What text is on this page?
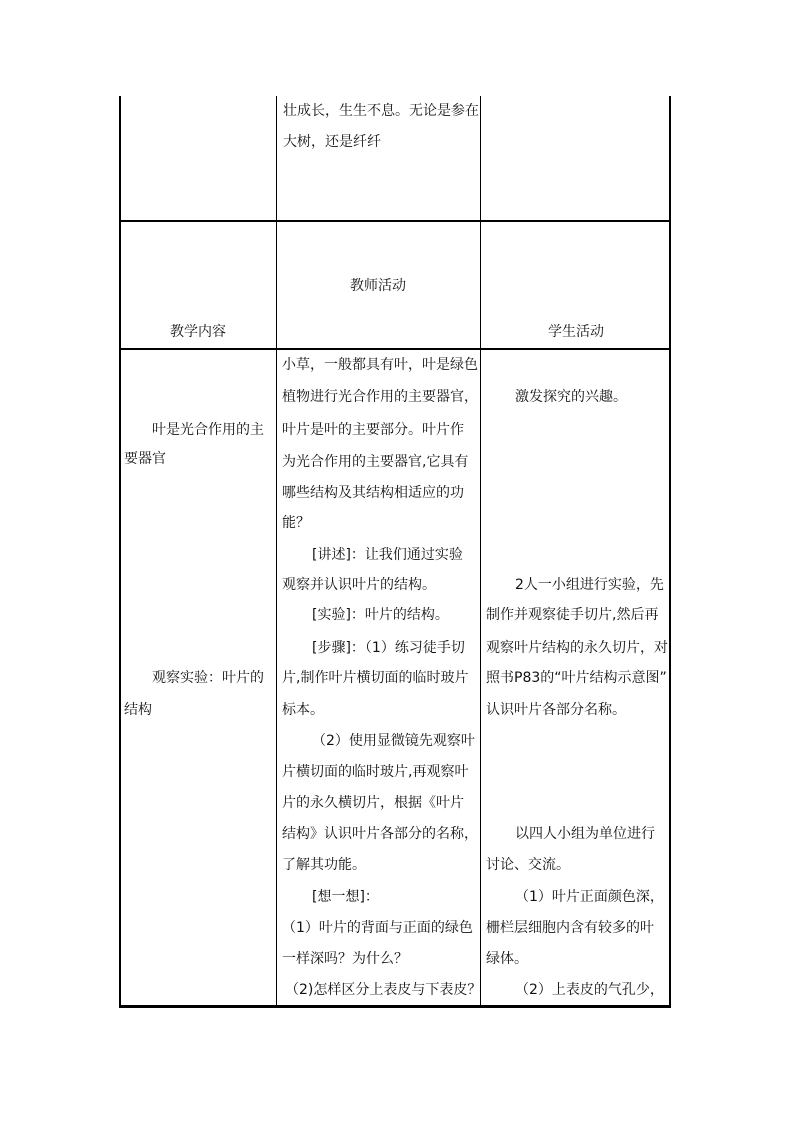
壮成长，生生不息。无论是参在
大树，还是纤纤
教学内容
教师活动
学生活动
叶是光合作用的主
要器官
观察实验：叶片的
结构
小草，一般都具有叶，叶是绿色
植物进行光合作用的主要器官，
叶片是叶的主要部分。叶片作
为光合作用的主要器官,它具有
哪些结构及其结构相适应的功
能？
[讲述]：让我们通过实验
观察并认识叶片的结构。
[实验]：叶片的结构。
[步骤]：（1）练习徒手切
片,制作叶片横切面的临时玻片
标本。
（2）使用显微镜先观察叶
片横切面的临时玻片,再观察叶
片的永久横切片，根据《叶片
结构》认识叶片各部分的名称，
了解其功能。
[想一想]：
（1）叶片的背面与正面的绿色
一样深吗？为什么？
（2)怎样区分上表皮与下表皮？
激发探究的兴趣。
2人一小组进行实验，先
制作并观察徒手切片,然后再
观察叶片结构的永久切片，对
照书P83的“叶片结构示意图”
认识叶片各部分名称。
以四人小组为单位进行
讨论、交流。
（1）叶片正面颜色深，
栅栏层细胞内含有较多的叶
绿体。
（2）上表皮的气孔少，
